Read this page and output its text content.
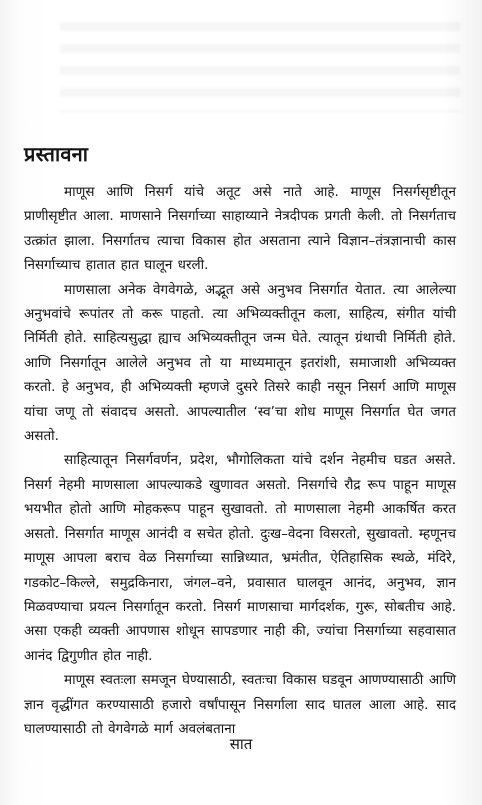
प्रस्तावना

माणूस आणि निसर्ग यांचे अतूट असे नाते आहे. माणूस निसर्गसृष्टीतून प्राणीसृष्टीत आला. माणसाने निसर्गाच्या साहाय्याने नेत्रदीपक प्रगती केली. तो निसर्गताच उत्क्रांत झाला. निसर्गातच त्याचा विकास होत असताना त्याने विज्ञान–तंत्रज्ञानाची कास निसर्गाच्याच हातात हात घालून धरली.

माणसाला अनेक वेगवेगळे, अद्भूत असे अनुभव निसर्गात येतात. त्या आलेल्या अनुभवांचे रूपांतर तो करू पाहतो. त्या अभिव्यक्तीतून कला, साहित्य, संगीत यांची निर्मिती होते. साहित्यसुद्धा ह्याच अभिव्यक्तीतून जन्म घेते. त्यातून ग्रंथाची निर्मिती होते. आणि निसर्गातून आलेले अनुभव तो या माध्यमातून इतरांशी, समाजाशी अभिव्यक्त करतो. हे अनुभव, ही अभिव्यक्ती म्हणजे दुसरे तिसरे काही नसून निसर्ग आणि माणूस यांचा जणू तो संवादच असतो. आपल्यातील ‘स्व’चा शोध माणूस निसर्गात घेत जगत असतो.

साहित्यातून निसर्गवर्णन, प्रदेश, भौगोलिकता यांचे दर्शन नेहमीच घडत असते. निसर्ग नेहमी माणसाला आपल्याकडे खुणावत असतो. निसर्गाचे रौद्र रूप पाहून माणूस भयभीत होतो आणि मोहकरूप पाहून सुखावतो. तो माणसाला नेहमी आकर्षित करत असतो. निसर्गात माणूस आनंदी व सचेत होतो. दुःख–वेदना विसरतो, सुखावतो. म्हणूनच माणूस आपला बराच वेळ निसर्गाच्या सान्निध्यात, भ्रमंतीत, ऐतिहासिक स्थळे, मंदिरे, गडकोट–किल्ले, समुद्रकिनारा, जंगल–वने, प्रवासात घालवून आनंद, अनुभव, ज्ञान मिळवण्याचा प्रयत्न निसर्गातून करतो. निसर्ग माणसाचा मार्गदर्शक, गुरू, सोबतीच आहे. असा एकही व्यक्ती आपणास शोधून सापडणार नाही की, ज्यांचा निसर्गाच्या सहवासात आनंद द्विगुणीत होत नाही.

माणूस स्वतःला समजून घेण्यासाठी, स्वतःचा विकास घडवून आणण्यासाठी आणि ज्ञान वृद्धींगत करण्यासाठी हजारो वर्षांपासून निसर्गाला साद घातल आला आहे. साद घालण्यासाठी तो वेगवेगळे मार्ग अवलंबताना

सात
